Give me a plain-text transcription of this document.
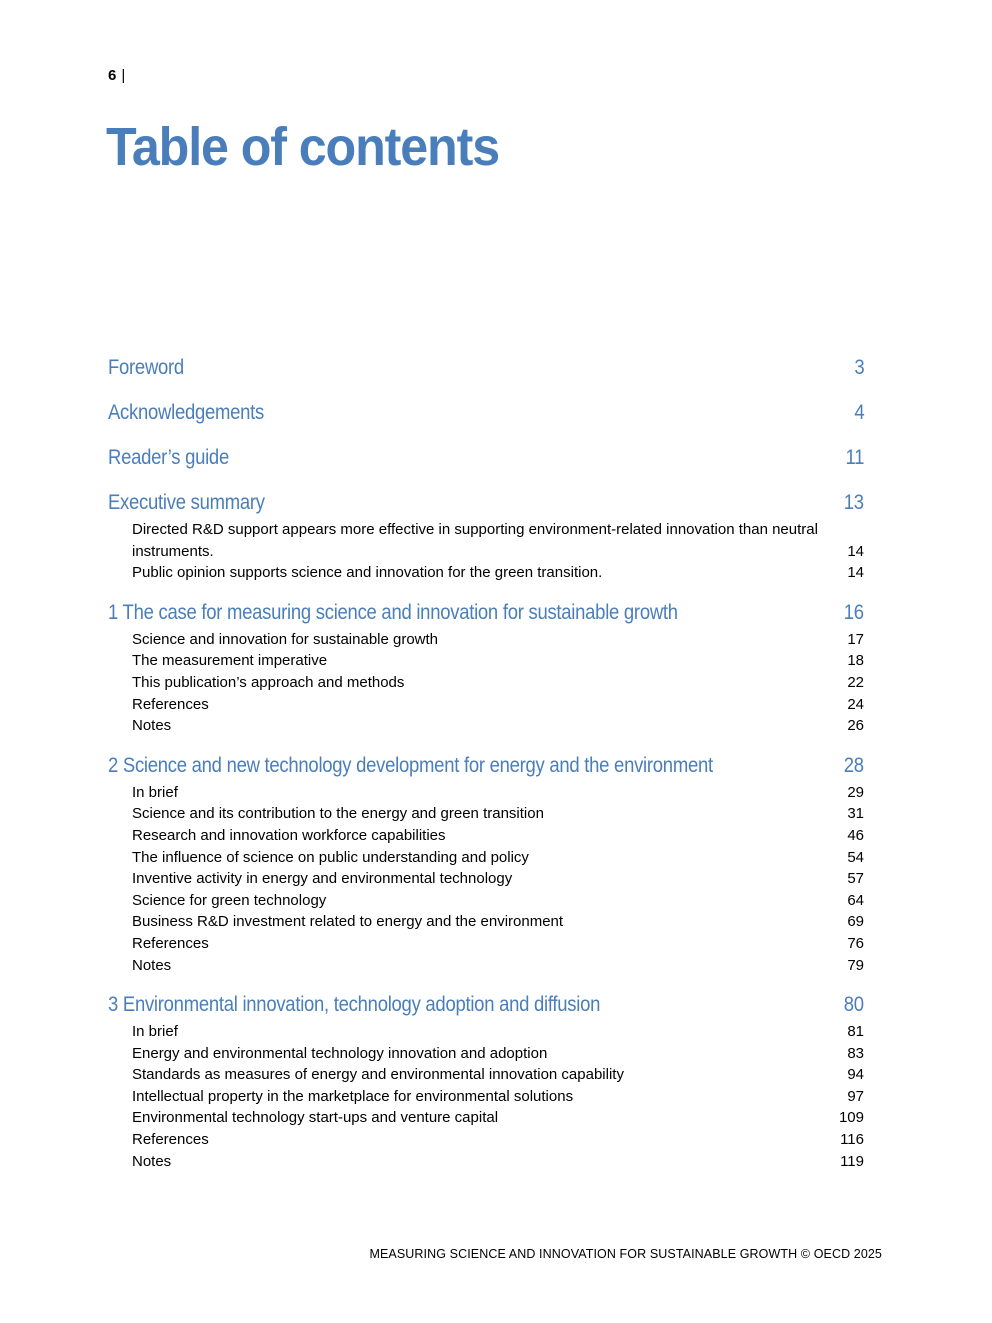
6 |
Table of contents
Foreword	3
Acknowledgements	4
Reader’s guide	11
Executive summary	13
Directed R&D support appears more effective in supporting environment-related innovation than neutral instruments.	14
Public opinion supports science and innovation for the green transition.	14
1 The case for measuring science and innovation for sustainable growth	16
Science and innovation for sustainable growth	17
The measurement imperative	18
This publication’s approach and methods	22
References	24
Notes	26
2 Science and new technology development for energy and the environment	28
In brief	29
Science and its contribution to the energy and green transition	31
Research and innovation workforce capabilities	46
The influence of science on public understanding and policy	54
Inventive activity in energy and environmental technology	57
Science for green technology	64
Business R&D investment related to energy and the environment	69
References	76
Notes	79
3 Environmental innovation, technology adoption and diffusion	80
In brief	81
Energy and environmental technology innovation and adoption	83
Standards as measures of energy and environmental innovation capability	94
Intellectual property in the marketplace for environmental solutions	97
Environmental technology start-ups and venture capital	109
References	116
Notes	119
MEASURING SCIENCE AND INNOVATION FOR SUSTAINABLE GROWTH © OECD 2025
